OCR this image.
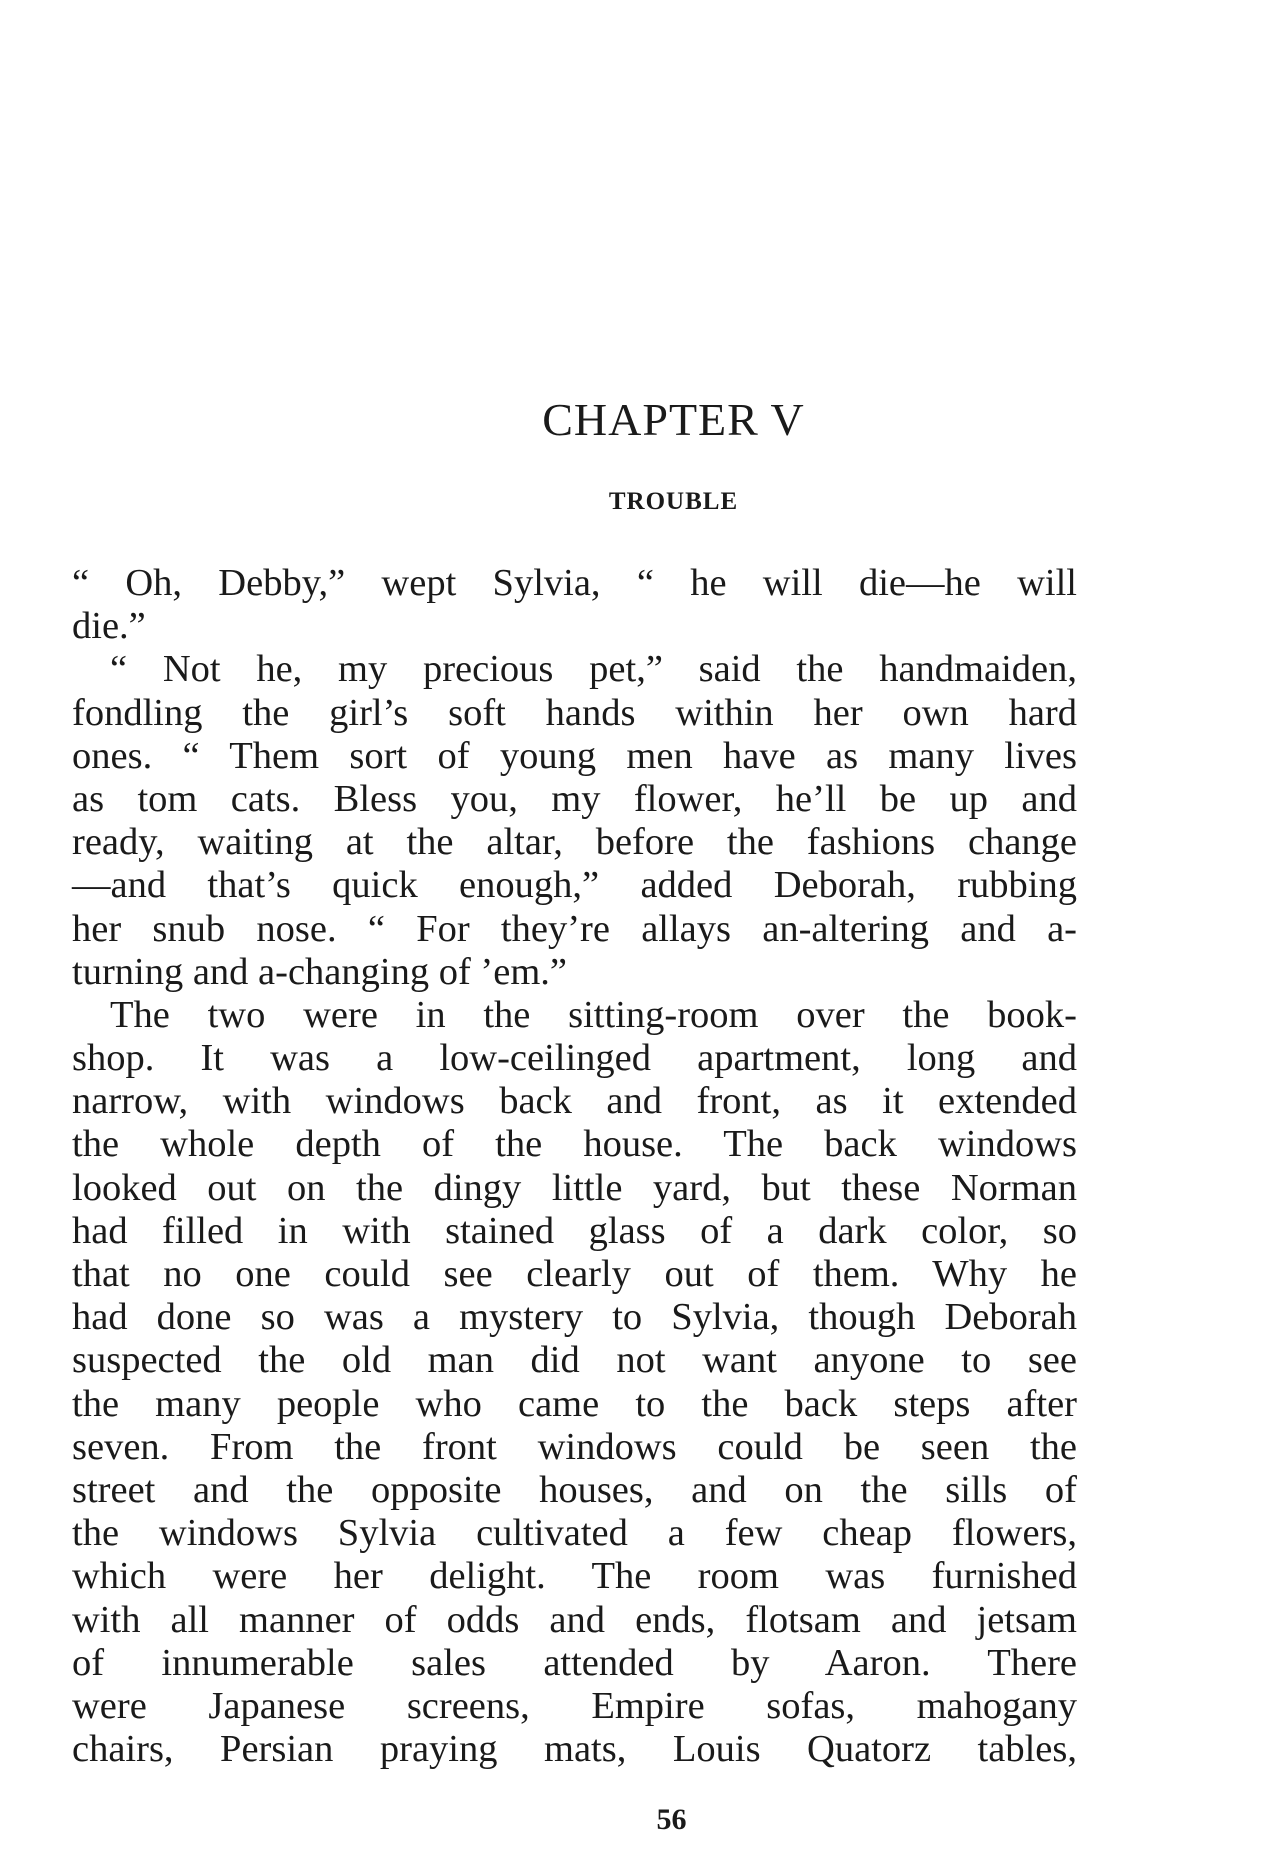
CHAPTER V
TROUBLE
“ Oh, Debby,” wept Sylvia, “ he will die—he will
die.”
“ Not he, my precious pet,” said the handmaiden,
fondling the girl’s soft hands within her own hard
ones. “ Them sort of young men have as many lives
as tom cats. Bless you, my flower, he’ll be up and
ready, waiting at the altar, before the fashions change
—and that’s quick enough,” added Deborah, rubbing
her snub nose. “ For they’re allays an-altering and a-
turning and a-changing of ’em.”
The two were in the sitting-room over the book-
shop. It was a low-ceilinged apartment, long and
narrow, with windows back and front, as it extended
the whole depth of the house. The back windows
looked out on the dingy little yard, but these Norman
had filled in with stained glass of a dark color, so
that no one could see clearly out of them. Why he
had done so was a mystery to Sylvia, though Deborah
suspected the old man did not want anyone to see
the many people who came to the back steps after
seven. From the front windows could be seen the
street and the opposite houses, and on the sills of
the windows Sylvia cultivated a few cheap flowers,
which were her delight. The room was furnished
with all manner of odds and ends, flotsam and jetsam
of innumerable sales attended by Aaron. There
were Japanese screens, Empire sofas, mahogany
chairs, Persian praying mats, Louis Quatorz tables,
56
